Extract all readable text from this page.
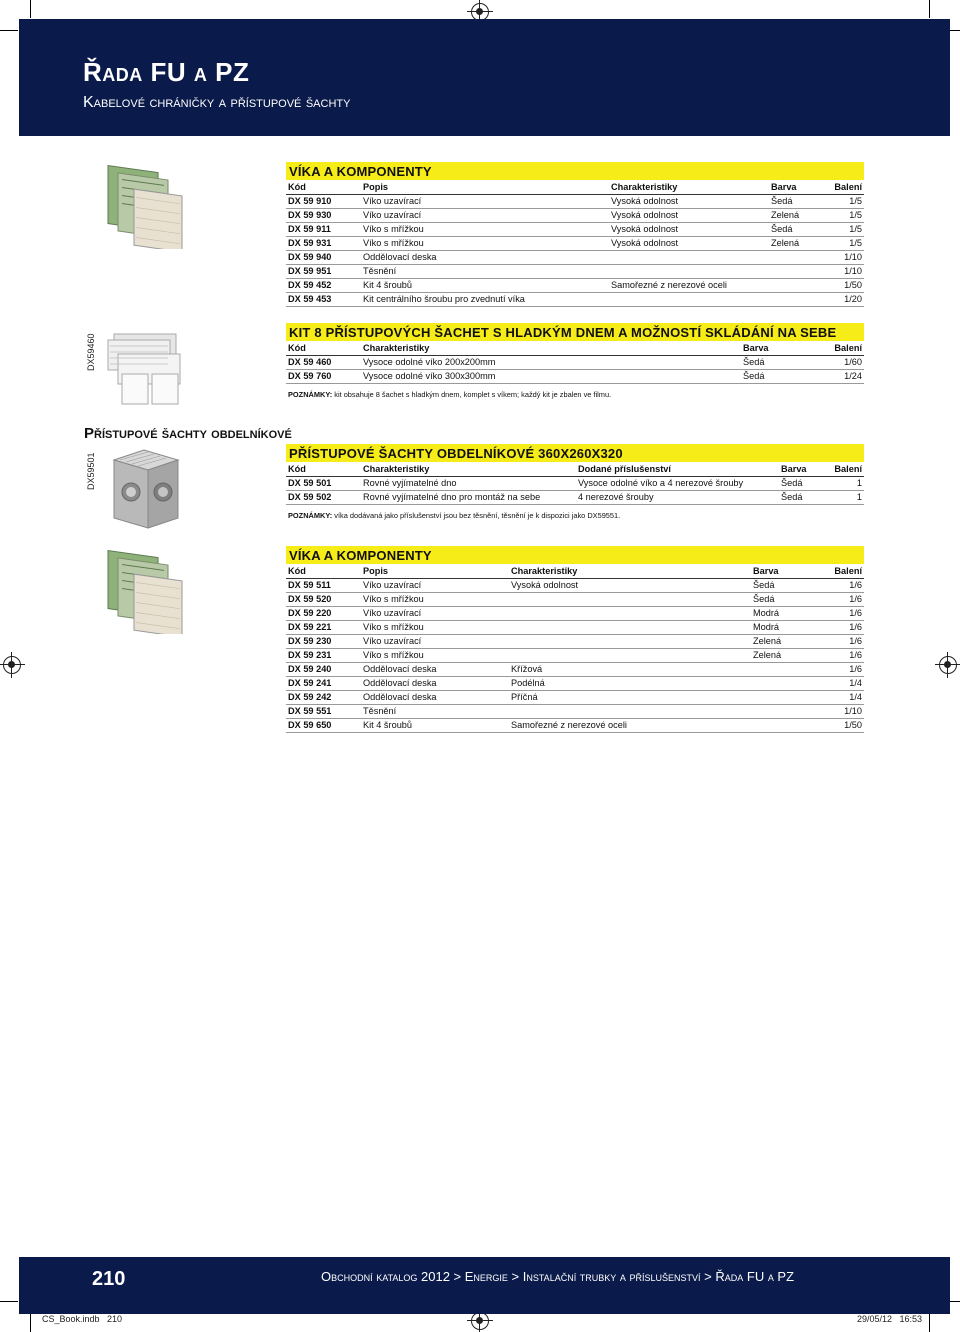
Řada FU a PZ
Kabelové chráničky a přístupové šachty
VÍKA A KOMPONENTY
Kód	Popis	Charakteristiky	Barva	Balení
DX 59 910	Víko uzavírací	Vysoká odolnost	Šedá	1/5
DX 59 930	Víko uzavírací	Vysoká odolnost	Zelená	1/5
DX 59 911	Víko s mřížkou	Vysoká odolnost	Šedá	1/5
DX 59 931	Víko s mřížkou	Vysoká odolnost	Zelená	1/5
DX 59 940	Oddělovací deska			1/10
DX 59 951	Těsnění			1/10
DX 59 452	Kit 4 šroubů	Samořezné z nerezové oceli		1/50
DX 59 453	Kit centrálního šroubu pro zvednutí víka			1/20
DX59460
KIT 8 PŘÍSTUPOVÝCH ŠACHET S HLADKÝM DNEM A MOŽNOSTÍ SKLÁDÁNÍ NA SEBE
Kód	Charakteristiky	Barva	Balení
DX 59 460	Vysoce odolné víko 200x200mm	Šedá	1/60
DX 59 760	Vysoce odolné víko 300x300mm	Šedá	1/24
POZNÁMKY: kit obsahuje 8 šachet s hladkým dnem, komplet s víkem; každý kit je zbalen ve filmu.
Přístupové šachty obdelníkové
DX59501	PŘÍSTUPOVÉ ŠACHTY OBDELNÍKOVÉ 360X260X320
Kód	Charakteristiky	Dodané příslušenství	Barva	Balení
DX 59 501	Rovné vyjímatelné dno	Vysoce odolné víko a 4 nerezové šrouby	Šedá	1
DX 59 502	Rovné vyjímatelné dno pro montáž na sebe	4 nerezové šrouby	Šedá	1
POZNÁMKY: víka dodávaná jako příslušenství jsou bez těsnění, těsnění je k dispozici jako DX59551.
VÍKA A KOMPONENTY
Kód	Popis	Charakteristiky	Barva	Balení
DX 59 511	Víko uzavírací	Vysoká odolnost	Šedá	1/6
DX 59 520	Víko s mřížkou		Šedá	1/6
DX 59 220	Víko uzavírací		Modrá	1/6
DX 59 221	Víko s mřížkou		Modrá	1/6
DX 59 230	Víko uzavírací		Zelená	1/6
DX 59 231	Víko s mřížkou		Zelená	1/6
DX 59 240	Oddělovací deska	Křížová		1/6
DX 59 241	Oddělovací deska	Podélná		1/4
DX 59 242	Oddělovací deska	Příčná		1/4
DX 59 551	Těsnění			1/10
DX 59 650	Kit 4 šroubů	Samořezné z nerezové oceli		1/50
210	Obchodní katalog 2012 > Energie > Instalační trubky a příslušenství > Řada FU a PZ
CS_Book.indb   210	29/05/12   16:53
